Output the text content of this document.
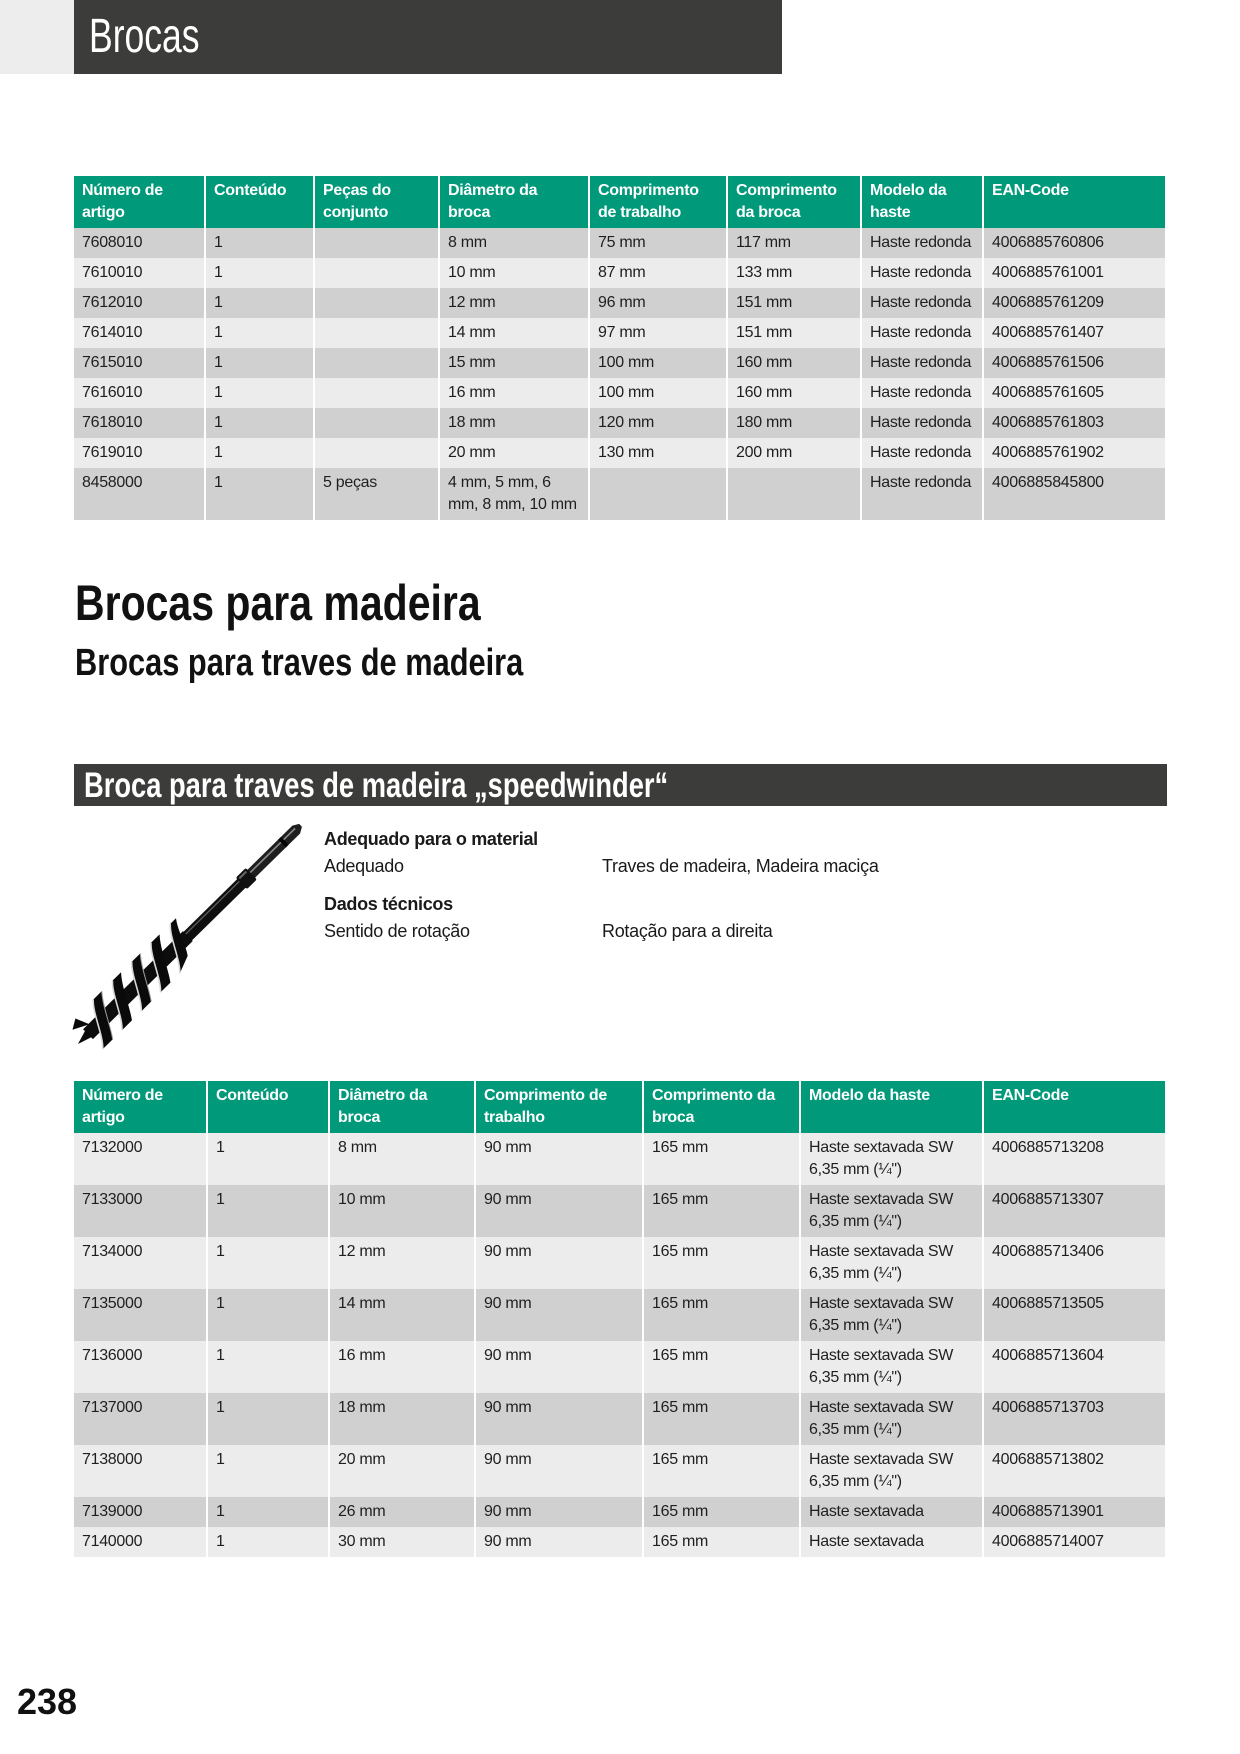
Brocas
Número de artigo	Conteúdo	Peças do conjunto	Diâmetro da broca	Comprimento de trabalho	Comprimento da broca	Modelo da haste	EAN-Code
7608010	1		8 mm	75 mm	117 mm	Haste redonda	4006885760806
7610010	1		10 mm	87 mm	133 mm	Haste redonda	4006885761001
7612010	1		12 mm	96 mm	151 mm	Haste redonda	4006885761209
7614010	1		14 mm	97 mm	151 mm	Haste redonda	4006885761407
7615010	1		15 mm	100 mm	160 mm	Haste redonda	4006885761506
7616010	1		16 mm	100 mm	160 mm	Haste redonda	4006885761605
7618010	1		18 mm	120 mm	180 mm	Haste redonda	4006885761803
7619010	1		20 mm	130 mm	200 mm	Haste redonda	4006885761902
8458000	1	5 peças	4 mm, 5 mm, 6 mm, 8 mm, 10 mm			Haste redonda	4006885845800
Brocas para madeira
Brocas para traves de madeira
Broca para traves de madeira „speedwinder“
Adequado para o material
Adequado	Traves de madeira, Madeira maciça
Dados técnicos
Sentido de rotação	Rotação para a direita
Número de artigo	Conteúdo	Diâmetro da broca	Comprimento de trabalho	Comprimento da broca	Modelo da haste	EAN-Code
7132000	1	8 mm	90 mm	165 mm	Haste sextavada SW 6,35 mm (¼")	4006885713208
7133000	1	10 mm	90 mm	165 mm	Haste sextavada SW 6,35 mm (¼")	4006885713307
7134000	1	12 mm	90 mm	165 mm	Haste sextavada SW 6,35 mm (¼")	4006885713406
7135000	1	14 mm	90 mm	165 mm	Haste sextavada SW 6,35 mm (¼")	4006885713505
7136000	1	16 mm	90 mm	165 mm	Haste sextavada SW 6,35 mm (¼")	4006885713604
7137000	1	18 mm	90 mm	165 mm	Haste sextavada SW 6,35 mm (¼")	4006885713703
7138000	1	20 mm	90 mm	165 mm	Haste sextavada SW 6,35 mm (¼")	4006885713802
7139000	1	26 mm	90 mm	165 mm	Haste sextavada	4006885713901
7140000	1	30 mm	90 mm	165 mm	Haste sextavada	4006885714007
238
